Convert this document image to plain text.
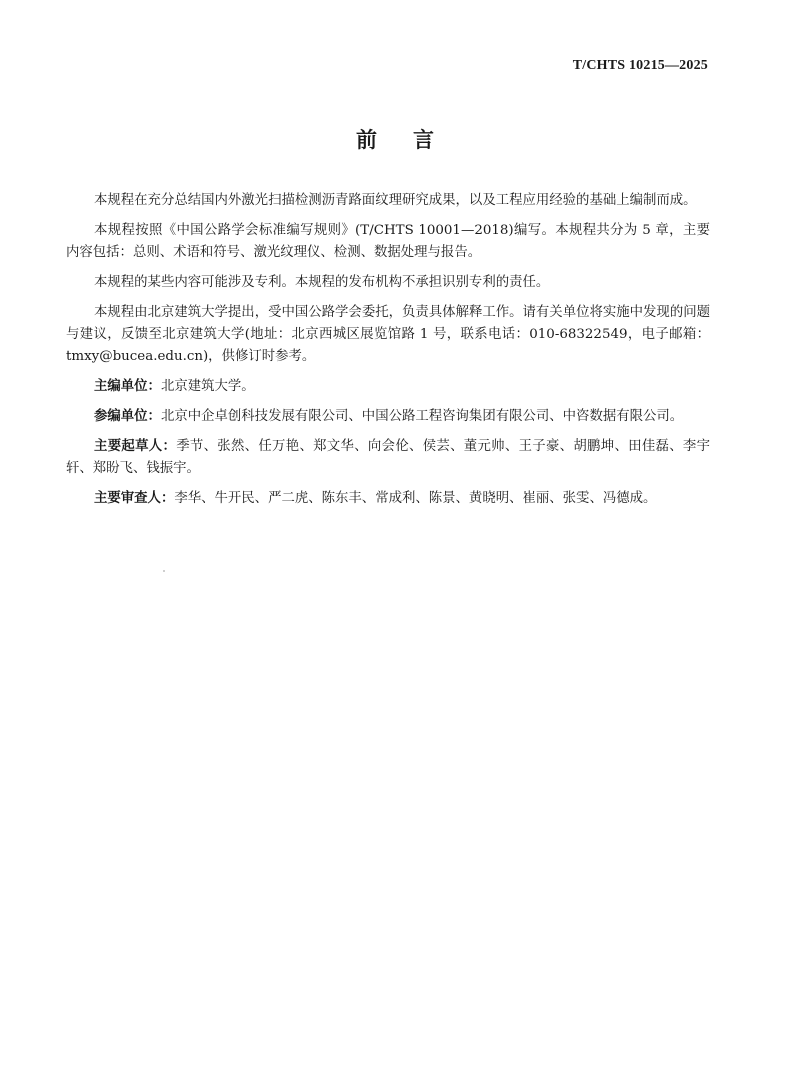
T/CHTS 10215—2025
前言

本规程在充分总结国内外激光扫描检测沥青路面纹理研究成果，以及工程应用经验的基础上编制而成。

本规程按照《中国公路学会标准编写规则》(T/CHTS 10001—2018)编写。本规程共分为 5 章，主要内容包括：总则、术语和符号、激光纹理仪、检测、数据处理与报告。

本规程的某些内容可能涉及专利。本规程的发布机构不承担识别专利的责任。

本规程由北京建筑大学提出，受中国公路学会委托，负责具体解释工作。请有关单位将实施中发现的问题与建议，反馈至北京建筑大学(地址：北京西城区展览馆路 1 号，联系电话：010-68322549，电子邮箱：tmxy@bucea.edu.cn)，供修订时参考。

主编单位：北京建筑大学。

参编单位：北京中企卓创科技发展有限公司、中国公路工程咨询集团有限公司、中咨数据有限公司。

主要起草人：季节、张然、任万艳、郑文华、向会伦、侯芸、董元帅、王子豪、胡鹏坤、田佳磊、李宇轩、郑盼飞、钱振宇。

主要审查人：李华、牛开民、严二虎、陈东丰、常成利、陈景、黄晓明、崔丽、张雯、冯德成。
